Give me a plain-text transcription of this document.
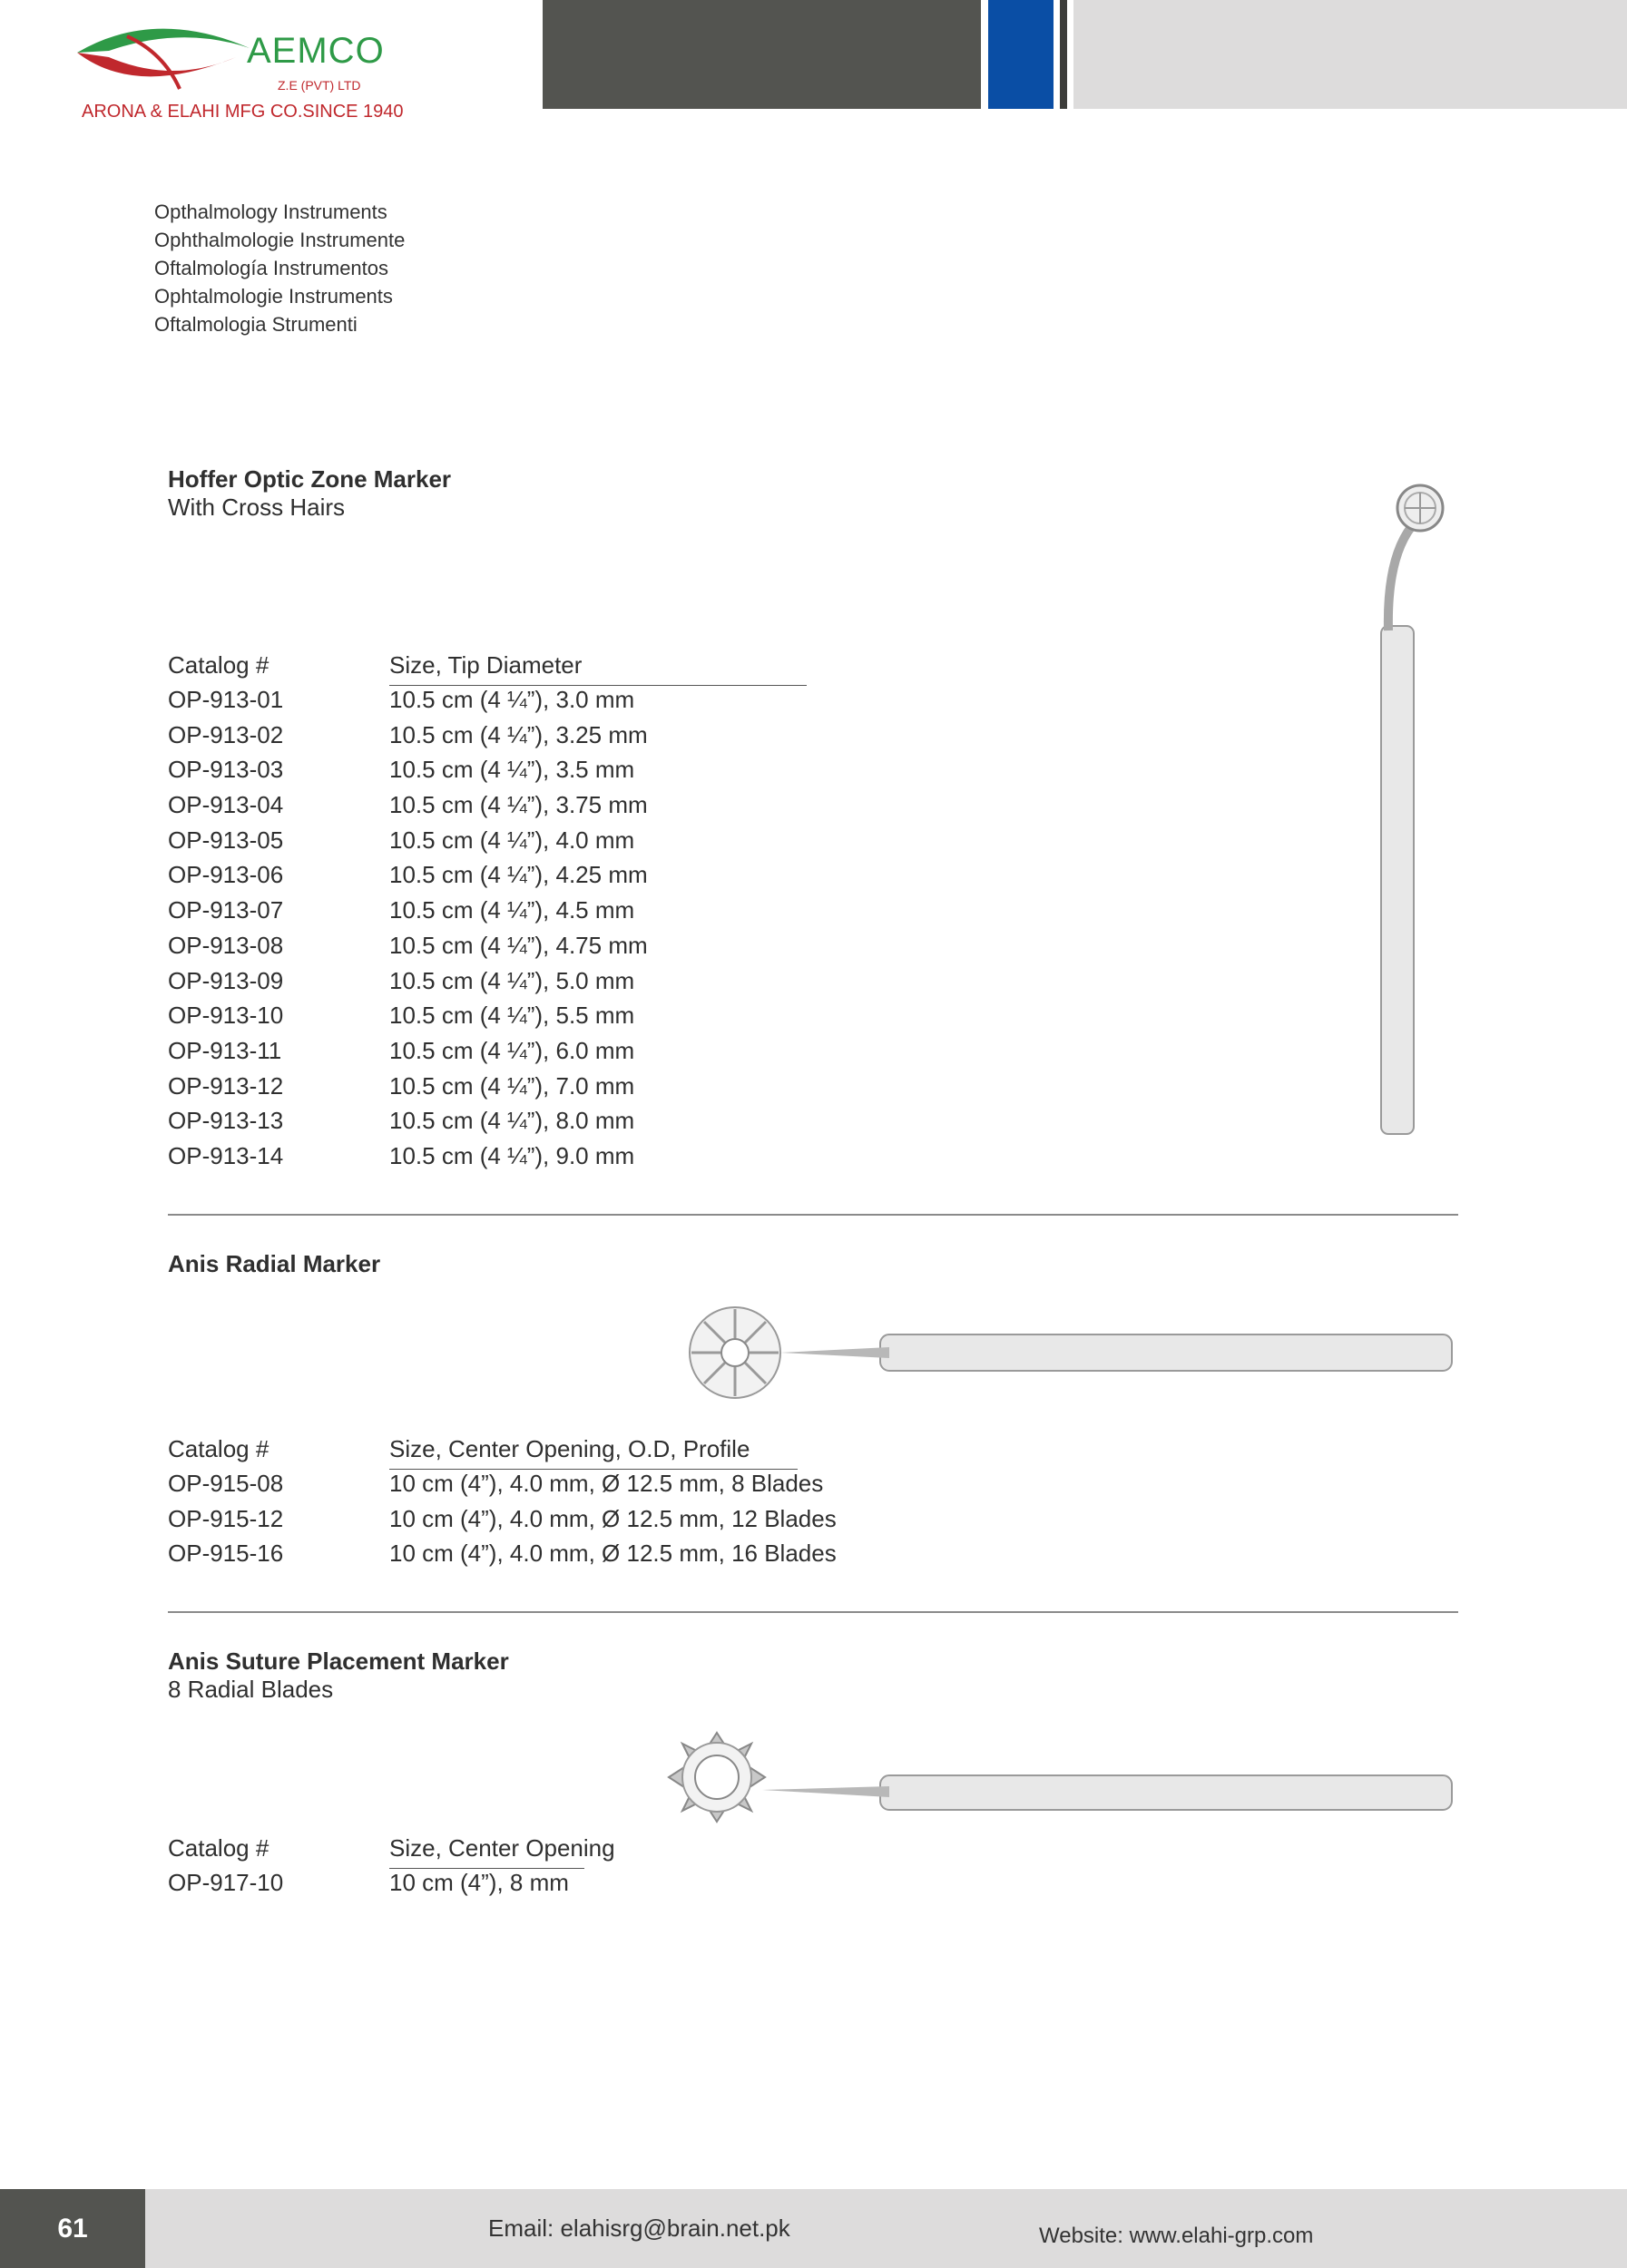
AEMCO
Z.E (PVT) LTD
ARONA & ELAHI MFG CO.SINCE 1940
Opthalmology Instruments
Ophthalmologie Instrumente
Oftalmología Instrumentos
Ophtalmologie Instruments
Oftalmologia Strumenti
Hoffer Optic Zone Marker
With Cross Hairs
Catalog #	Size, Tip Diameter
OP-913-01	10.5 cm (4 ¼”), 3.0 mm
OP-913-02	10.5 cm (4 ¼”), 3.25 mm
OP-913-03	10.5 cm (4 ¼”), 3.5 mm
OP-913-04	10.5 cm (4 ¼”), 3.75 mm
OP-913-05	10.5 cm (4 ¼”), 4.0 mm
OP-913-06	10.5 cm (4 ¼”), 4.25 mm
OP-913-07	10.5 cm (4 ¼”), 4.5 mm
OP-913-08	10.5 cm (4 ¼”), 4.75 mm
OP-913-09	10.5 cm (4 ¼”), 5.0 mm
OP-913-10	10.5 cm (4 ¼”), 5.5 mm
OP-913-11	10.5 cm (4 ¼”), 6.0 mm
OP-913-12	10.5 cm (4 ¼”), 7.0 mm
OP-913-13	10.5 cm (4 ¼”), 8.0 mm
OP-913-14	10.5 cm (4 ¼”), 9.0 mm
Anis Radial Marker
Catalog #	Size, Center Opening, O.D, Profile
OP-915-08	10 cm (4”), 4.0 mm, Ø 12.5 mm, 8 Blades
OP-915-12	10 cm (4”), 4.0 mm, Ø 12.5 mm, 12 Blades
OP-915-16	10 cm (4”), 4.0 mm, Ø 12.5 mm, 16 Blades
Anis Suture Placement Marker
8 Radial Blades
Catalog #	Size, Center Opening
OP-917-10	10 cm (4”), 8 mm
61	Email: elahisrg@brain.net.pk	Website: www.elahi-grp.com
